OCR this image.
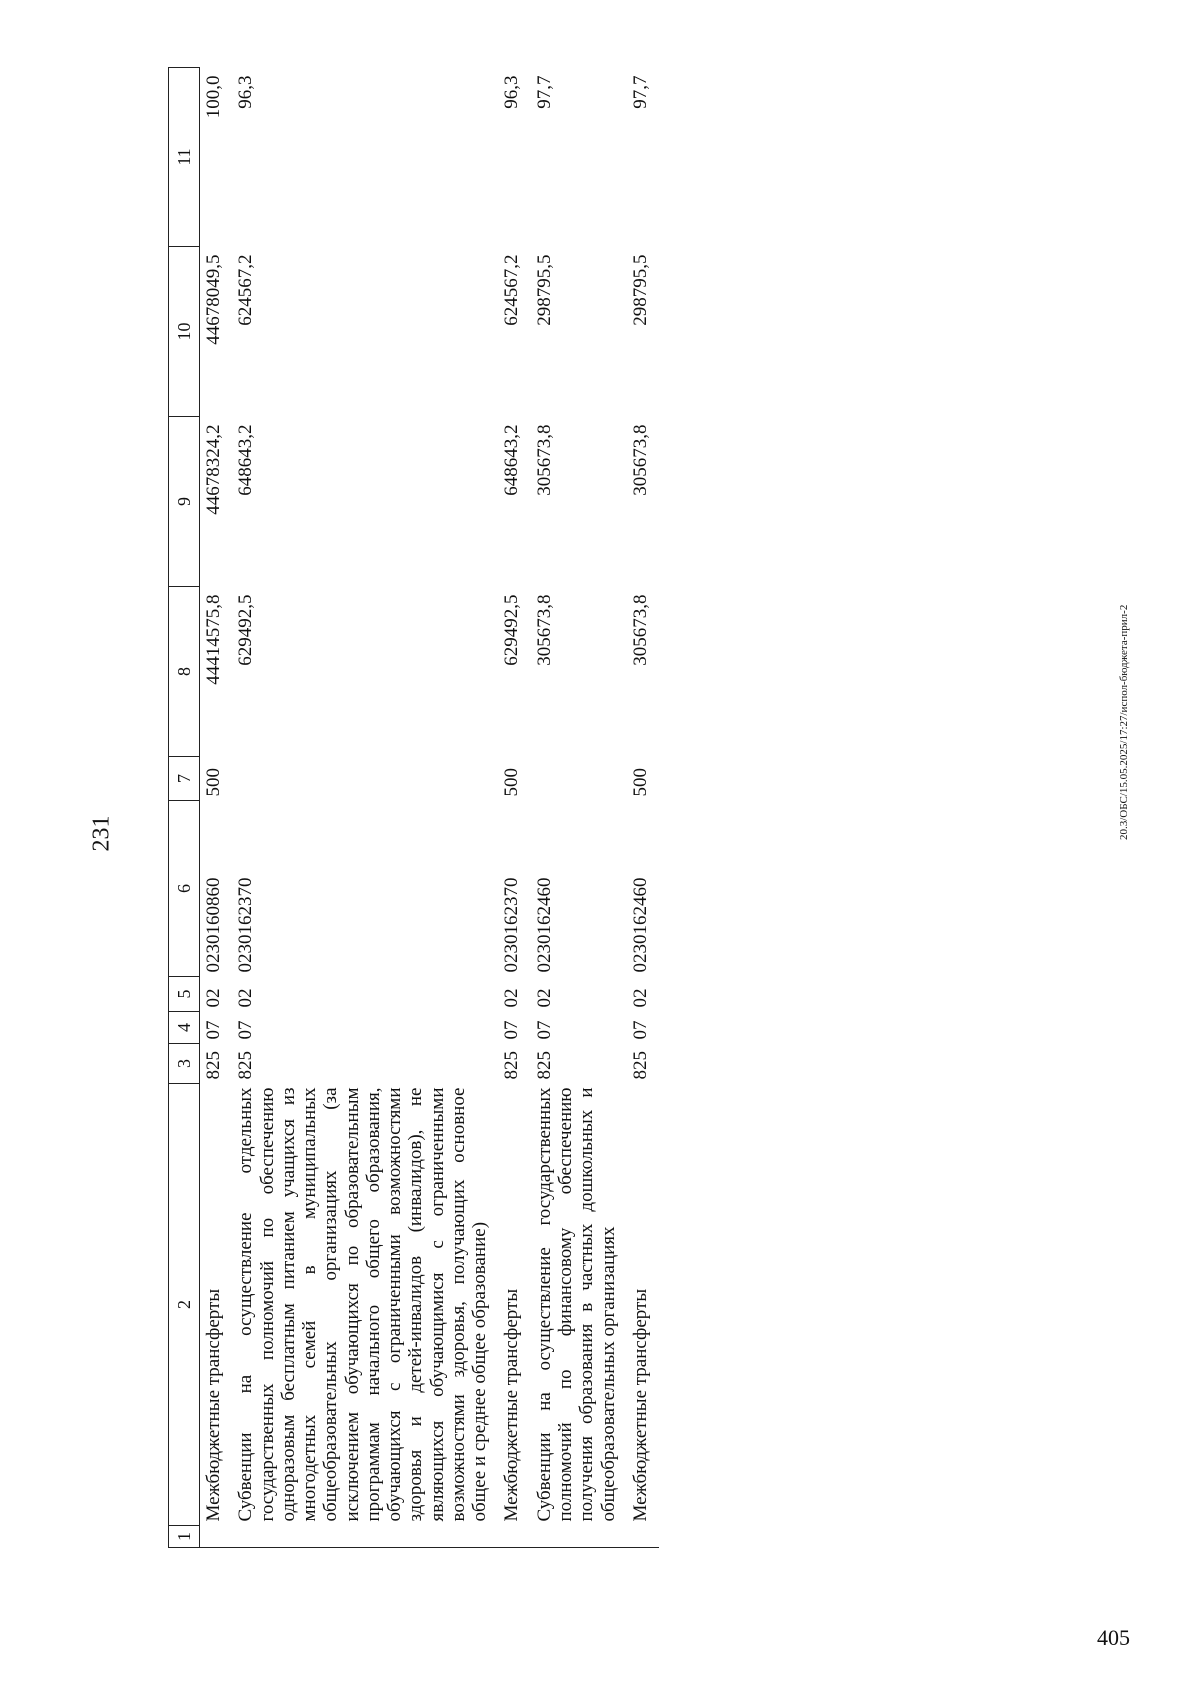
231	20.3/ОБС/15.05.2025/17:27/испол-бюджета-прил-2
405
1	2	3	4	5	6	7	8	9	10	11
	Межбюджетные трансферты	825	07	02	0230160860	500	44414575,8	44678324,2	44678049,5	100,0
	Субвенции на осуществление отдельных государственных полномочий по обеспечению одноразовым бесплатным питанием учащихся из многодетных семей в муниципальных общеобразовательных организациях (за исключением обучающихся по образовательным программам начального общего образования, обучающихся с ограниченными возможностями здоровья и детей-инвалидов (инвалидов), не являющихся обучающимися с ограниченными возможностями здоровья, получающих основное общее и среднее общее образование)	825	07	02	0230162370		629492,5	648643,2	624567,2	96,3
	Межбюджетные трансферты	825	07	02	0230162370	500	629492,5	648643,2	624567,2	96,3
	Субвенции на осуществление государственных полномочий по финансовому обеспечению получения образования в частных дошкольных и общеобразовательных организациях	825	07	02	0230162460		305673,8	305673,8	298795,5	97,7
	Межбюджетные трансферты	825	07	02	0230162460	500	305673,8	305673,8	298795,5	97,7
